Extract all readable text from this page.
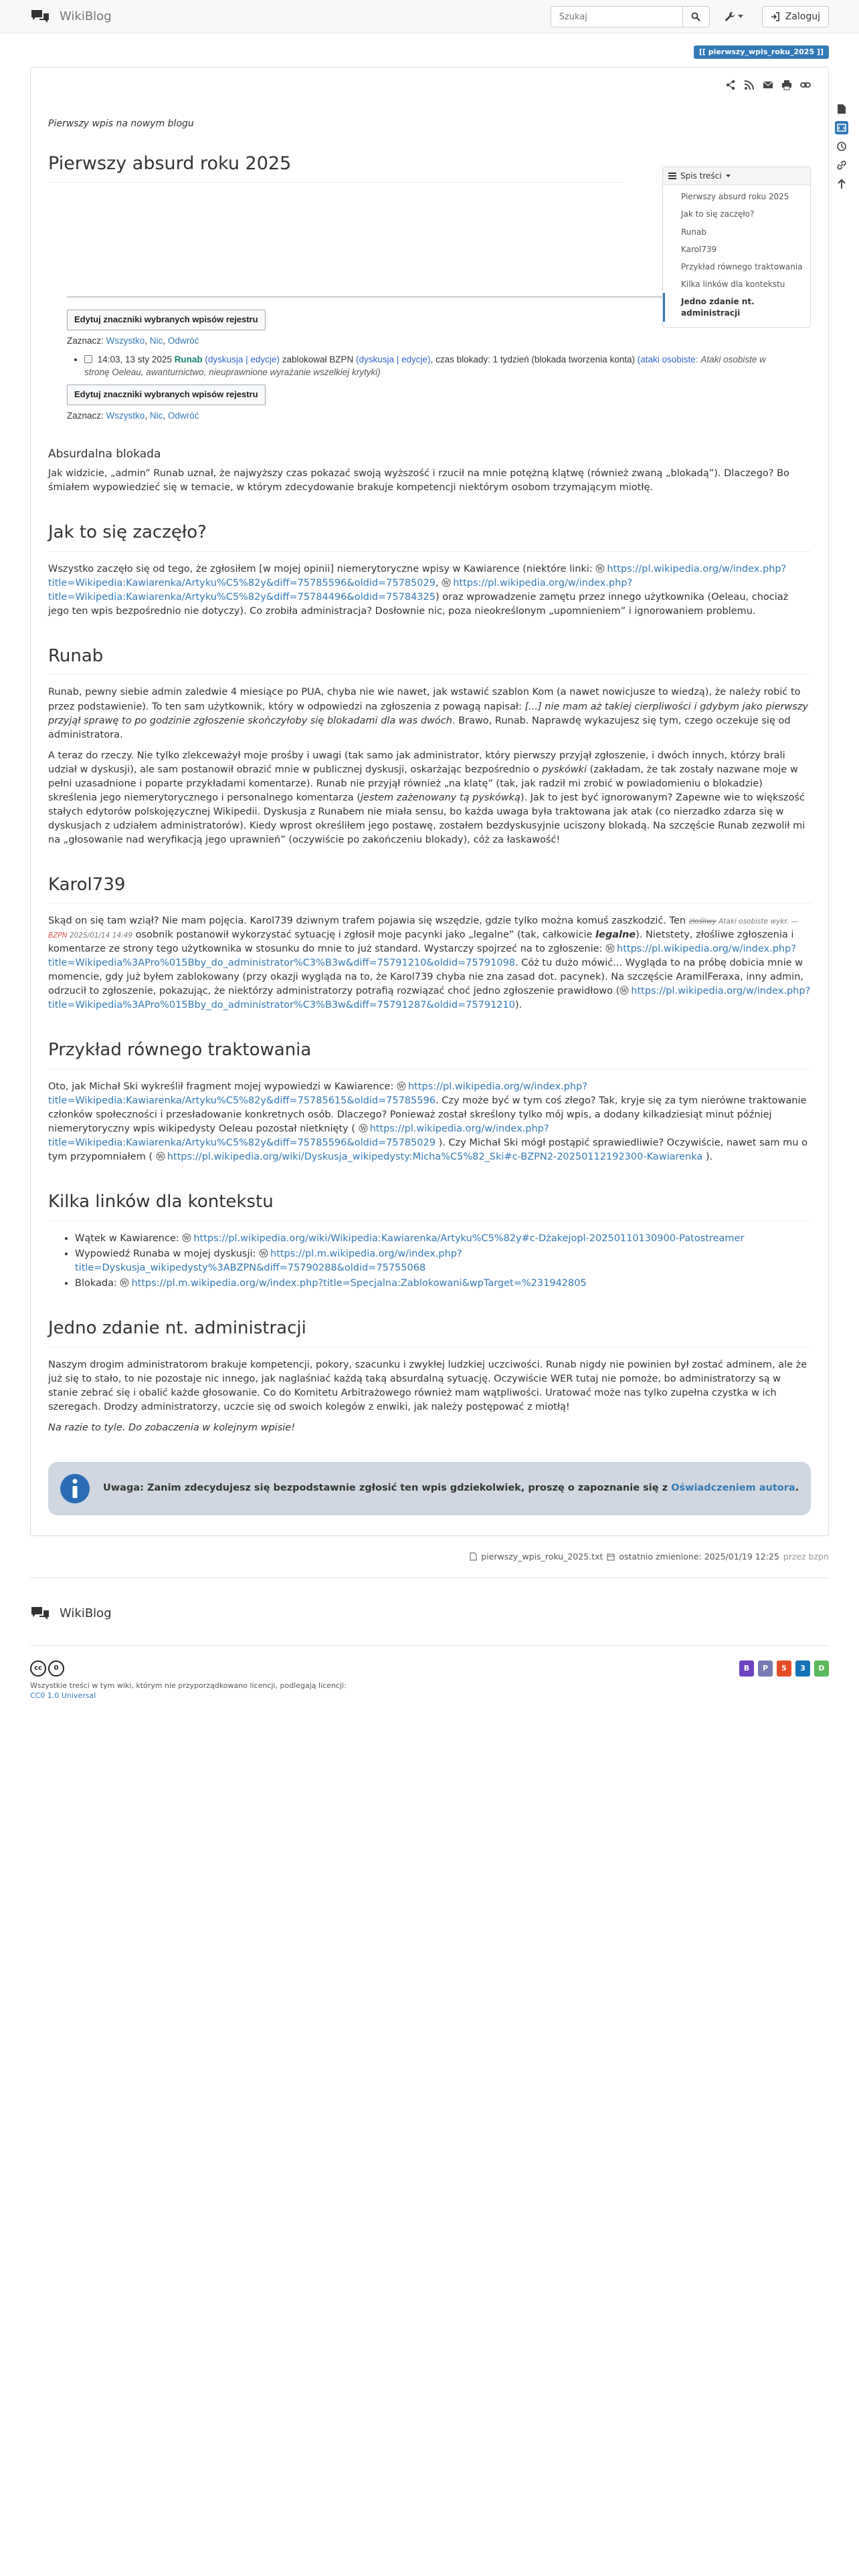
WikiBlog
Szukaj	Zaloguj
[[ pierwszy_wpis_roku_2025 ]]
Spis treści
Pierwszy absurd roku 2025
Jak to się zaczęło?
Runab
Karol739
Przykład równego traktowania
Kilka linków dla kontekstu
Jedno zdanie nt. administracji

Pierwszy wpis na nowym blogu

Pierwszy absurd roku 2025
Edytuj znaczniki wybranych wpisów rejestru
Zaznacz: Wszystko, Nic, Odwróć
• 14:03, 13 sty 2025 Runab (dyskusja | edycje) zablokował BZPN (dyskusja | edycje), czas blokady: 1 tydzień (blokada tworzenia konta) (ataki osobiste: Ataki osobiste w stronę Oeleau, awanturnictwo, nieuprawnione wyrażanie wszelkiej krytyki)
Edytuj znaczniki wybranych wpisów rejestru
Zaznacz: Wszystko, Nic, Odwróć
Absurdalna blokada

Jak widzicie, „admin” Runab uznał, że najwyższy czas pokazać swoją wyższość i rzucił na mnie potężną klątwę (również zwaną „blokadą”). Dlaczego? Bo śmiałem wypowiedzieć się w temacie, w którym zdecydowanie brakuje kompetencji niektórym osobom trzymającym miotłę.

Jak to się zaczęło?

Wszystko zaczęło się od tego, że zgłosiłem [w mojej opinii] niemerytoryczne wpisy w Kawiarence (niektóre linki: W https://pl.wikipedia.org/w/index.php?title=Wikipedia:Kawiarenka/Artyku%C5%82y&diff=75785596&oldid=75785029, W https://pl.wikipedia.org/w/index.php?title=Wikipedia:Kawiarenka/Artyku%C5%82y&diff=75784496&oldid=75784325) oraz wprowadzenie zamętu przez innego użytkownika (Oeleau, chociaż jego ten wpis bezpośrednio nie dotyczy). Co zrobiła administracja? Dosłownie nic, poza nieokreślonym „upomnieniem” i ignorowaniem problemu.

Runab

Runab, pewny siebie admin zaledwie 4 miesiące po PUA, chyba nie wie nawet, jak wstawić szablon Kom (a nawet nowicjusze to wiedzą), że należy robić to przez podstawienie). To ten sam użytkownik, który w odpowiedzi na zgłoszenia z powagą napisał: [...] nie mam aż takiej cierpliwości i gdybym jako pierwszy przyjął sprawę to po godzinie zgłoszenie skończyłoby się blokadami dla was dwóch. Brawo, Runab. Naprawdę wykazujesz się tym, czego oczekuje się od administratora.

A teraz do rzeczy. Nie tylko zlekceważył moje prośby i uwagi (tak samo jak administrator, który pierwszy przyjął zgłoszenie, i dwóch innych, którzy brali udział w dyskusji), ale sam postanowił obrazić mnie w publicznej dyskusji, oskarżając bezpośrednio o pyskówki (zakładam, że tak zostały nazwane moje w pełni uzasadnione i poparte przykładami komentarze). Runab nie przyjął również „na klatę” (tak, jak radził mi zrobić w powiadomieniu o blokadzie) skreślenia jego niemerytorycznego i personalnego komentarza (jestem zażenowany tą pyskówką). Jak to jest być ignorowanym? Zapewne wie to większość stałych edytorów polskojęzycznej Wikipedii. Dyskusja z Runabem nie miała sensu, bo każda uwaga była traktowana jak atak (co nierzadko zdarza się w dyskusjach z udziałem administratorów). Kiedy wprost określiłem jego postawę, zostałem bezdyskusyjnie uciszony blokadą. Na szczęście Runab zezwolił mi na „głosowanie nad weryfikacją jego uprawnień” (oczywiście po zakończeniu blokady), cóż za łaskawość!

Karol739

Skąd on się tam wziął? Nie mam pojęcia. Karol739 dziwnym trafem pojawia się wszędzie, gdzie tylko można komuś zaszkodzić. Ten złośliwy Ataki osobiste wykr. — BZPN 2025/01/14 14:49 osobnik postanowił wykorzystać sytuację i zgłosił moje pacynki jako „legalne” (tak, całkowicie legalne). Nietstety, złośliwe zgłoszenia i komentarze ze strony tego użytkownika w stosunku do mnie to już standard. Wystarczy spojrzeć na to zgłoszenie: W https://pl.wikipedia.org/w/index.php?title=Wikipedia%3APro%015Bby_do_administrator%C3%B3w&diff=75791210&oldid=75791098. Cóż tu dużo mówić... Wygląda to na próbę dobicia mnie w momencie, gdy już byłem zablokowany (przy okazji wygląda na to, że Karol739 chyba nie zna zasad dot. pacynek). Na szczęście AramilFeraxa, inny admin, odrzucił to zgłoszenie, pokazując, że niektórzy administratorzy potrafią rozwiązać choć jedno zgłoszenie prawidłowo ( W https://pl.wikipedia.org/w/index.php?title=Wikipedia%3APro%015Bby_do_administrator%C3%B3w&diff=75791287&oldid=75791210).

Przykład równego traktowania

Oto, jak Michał Ski wykreślił fragment mojej wypowiedzi w Kawiarence: W https://pl.wikipedia.org/w/index.php?title=Wikipedia:Kawiarenka/Artyku%C5%82y&diff=75785615&oldid=75785596. Czy może być w tym coś złego? Tak, kryje się za tym nierówne traktowanie członków społeczności i przesładowanie konkretnych osób. Dlaczego? Ponieważ został skreślony tylko mój wpis, a dodany kilkadziesiąt minut później niemerytoryczny wpis wikipedysty Oeleau pozostał nietknięty ( W https://pl.wikipedia.org/w/index.php?title=Wikipedia:Kawiarenka/Artyku%C5%82y&diff=75785596&oldid=75785029 ). Czy Michał Ski mógł postąpić sprawiedliwie? Oczywiście, nawet sam mu o tym przypomniałem ( W https://pl.wikipedia.org/wiki/Dyskusja_wikipedysty:Micha%C5%82_Ski#c-BZPN2-20250112192300-Kawiarenka ).

Kilka linków dla kontekstu
• Wątek w Kawiarence: W https://pl.wikipedia.org/wiki/Wikipedia:Kawiarenka/Artyku%C5%82y#c-Dżakejopl-20250110130900-Patostreamer
• Wypowiedź Runaba w mojej dyskusji: W https://pl.m.wikipedia.org/w/index.php?title=Dyskusja_wikipedysty%3ABZPN&diff=75790288&oldid=75755068
• Blokada: W https://pl.m.wikipedia.org/w/index.php?title=Specjalna:Zablokowani&wpTarget=%231942805
Jedno zdanie nt. administracji

Naszym drogim administratorom brakuje kompetencji, pokory, szacunku i zwykłej ludzkiej uczciwości. Runab nigdy nie powinien był zostać adminem, ale że już się to stało, to nie pozostaje nic innego, jak naglaśniać każdą taką absurdalną sytuację. Oczywiście WER tutaj nie pomoże, bo administratorzy są w stanie zebrać się i obalić każde głosowanie. Co do Komitetu Arbitrażowego również mam wątpliwości. Uratować może nas tylko zupełna czystka w ich szeregach. Drodzy administratorzy, uczcie się od swoich kolegów z enwiki, jak należy postępować z miotłą!

Na razie to tyle. Do zobaczenia w kolejnym wpisie!

Uwaga: Zanim zdecydujesz się bezpodstawnie zgłosić ten wpis gdziekolwiek, proszę o zapoznanie się z Oświadczeniem autora.
pierwszy_wpis_roku_2025.txt ostatnio zmienione: 2025/01/19 12:25 przez bzpn
WikiBlog
cc	0
Wszystkie treści w tym wiki, którym nie przyporządkowano licencji, podlegają licencji:
CC0 1.0 Universal
B	P	5	3	D
